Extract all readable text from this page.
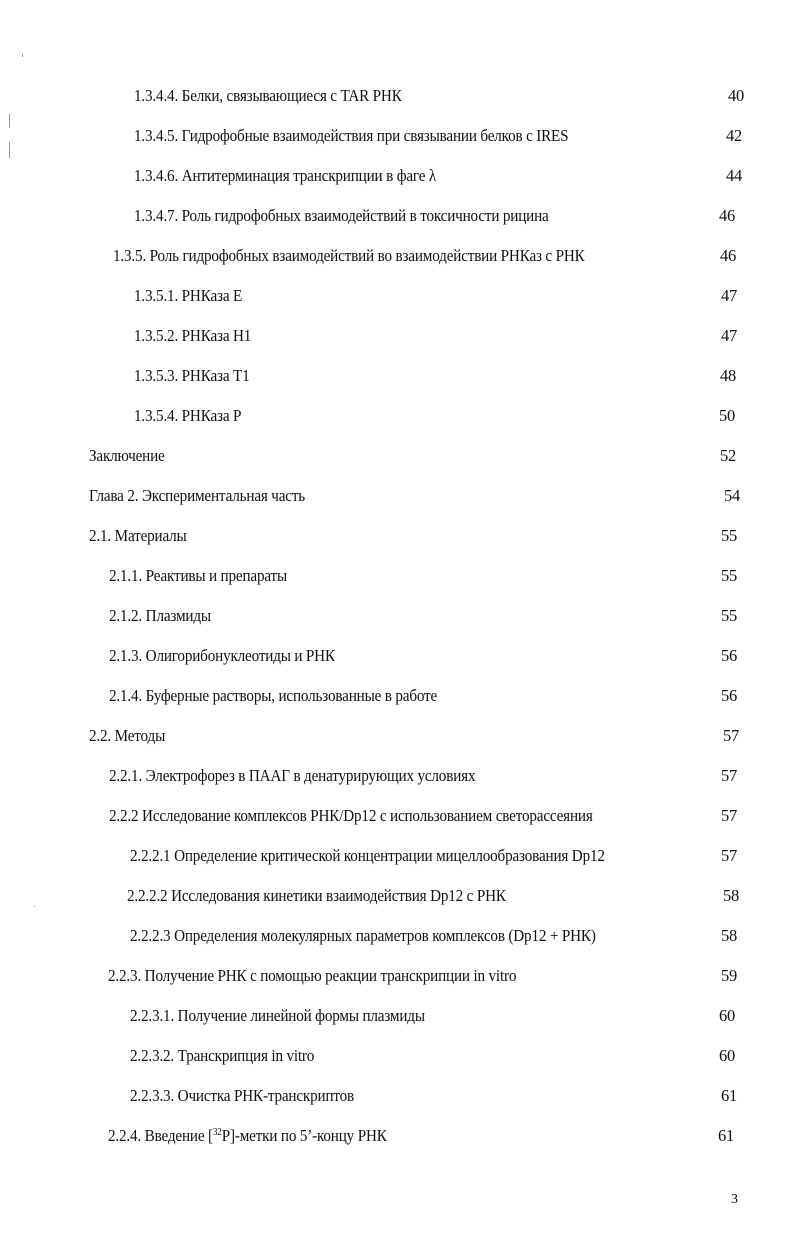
1.3.4.4. Белки, связывающиеся с TAR РНК	40
1.3.4.5. Гидрофобные взаимодействия при связывании белков с IRES	42
1.3.4.6. Антитерминация транскрипции в фаге λ	44
1.3.4.7. Роль гидрофобных взаимодействий в токсичности рицина	46
1.3.5. Роль гидрофобных взаимодействий во взаимодействии РНКаз с РНК	46
1.3.5.1. РНКаза E	47
1.3.5.2. РНКаза H1	47
1.3.5.3. РНКаза T1	48
1.3.5.4. РНКаза P	50
Заключение	52
Глава 2. Экспериментальная часть	54
2.1. Материалы	55
2.1.1. Реактивы и препараты	55
2.1.2. Плазмиды	55
2.1.3. Олигорибонуклеотиды и РНК	56
2.1.4. Буферные растворы, использованные в работе	56
2.2. Методы	57
2.2.1. Электрофорез в ПААГ в денатурирующих условиях	57
2.2.2 Исследование комплексов РНК/Dp12 с использованием светорассеяния	57
2.2.2.1 Определение критической концентрации мицеллообразования Dp12	57
2.2.2.2 Исследования кинетики взаимодействия Dp12 с РНК	58
2.2.2.3 Определения молекулярных параметров комплексов (Dp12 + РНК)	58
2.2.3. Получение РНК с помощью реакции транскрипции in vitro	59
2.2.3.1. Получение линейной формы плазмиды	60
2.2.3.2. Транскрипция in vitro	60
2.2.3.3. Очистка РНК-транскриптов	61
2.2.4. Введение [$^{32}$P]-метки по 5’-концу РНК	61
3
